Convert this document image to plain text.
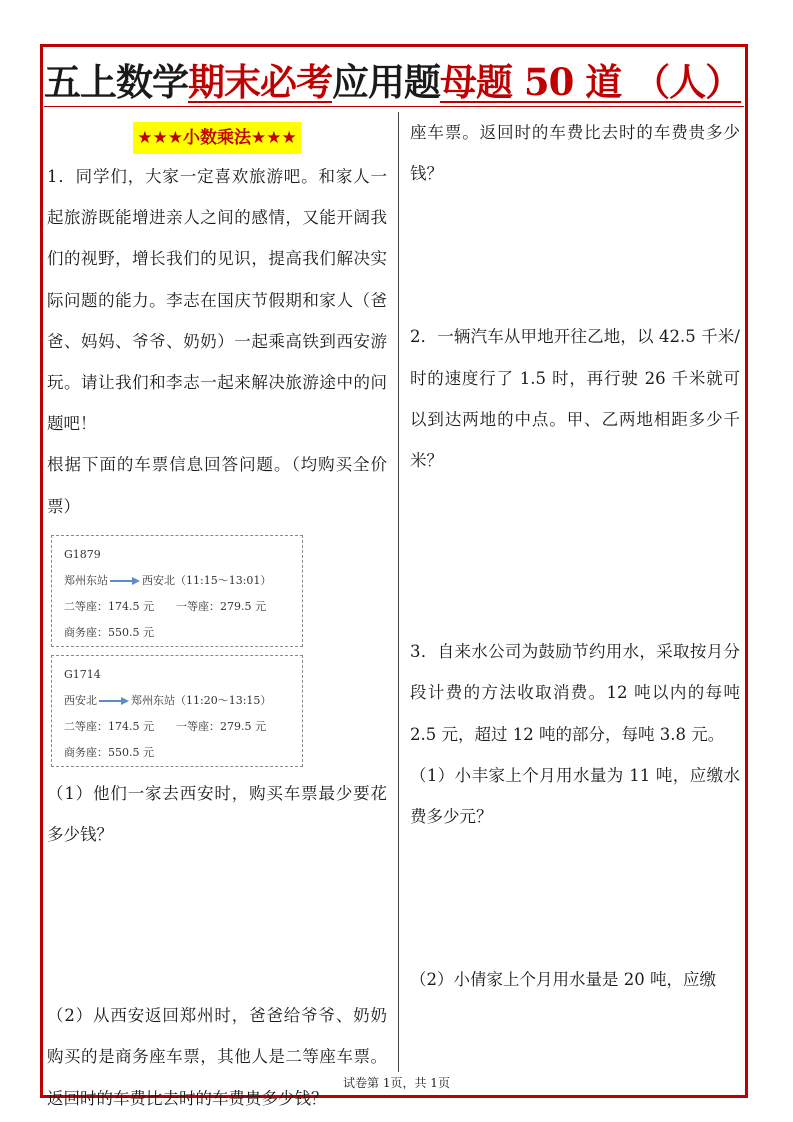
五上数学期末必考应用题母题 50 道 （人）
★★★小数乘法★★★

1．同学们，大家一定喜欢旅游吧。和家人一起旅游既能增进亲人之间的感情，又能开阔我们的视野，增长我们的见识，提高我们解决实际问题的能力。李志在国庆节假期和家人（爸爸、妈妈、爷爷、奶奶）一起乘高铁到西安游玩。请让我们和李志一起来解决旅游途中的问题吧！

根据下面的车票信息回答问题。（均购买全价票）

G1879
郑州东站	西安北（11:15～13:01）
二等座：174.5 元 一等座：279.5 元
商务座：550.5 元
G1714
西安北	郑州东站（11:20～13:15）
二等座：174.5 元 一等座：279.5 元
商务座：550.5 元

（1）他们一家去西安时，购买车票最少要花多少钱？

（2）从西安返回郑州时，爸爸给爷爷、奶奶购买的是商务座车票，其他人是二等座车票。返回时的车费比去时的车费贵多少钱？

座车票。返回时的车费比去时的车费贵多少钱？

2．一辆汽车从甲地开往乙地，以 42.5 千米/时的速度行了 1.5 时，再行驶 26 千米就可以到达两地的中点。甲、乙两地相距多少千米？

3．自来水公司为鼓励节约用水，采取按月分段计费的方法收取消费。12 吨以内的每吨 2.5 元，超过 12 吨的部分，每吨 3.8 元。

（1）小丰家上个月用水量为 11 吨，应缴水费多少元？

（2）小倩家上个月用水量是 20 吨，应缴

试卷第 1页，共 1页
